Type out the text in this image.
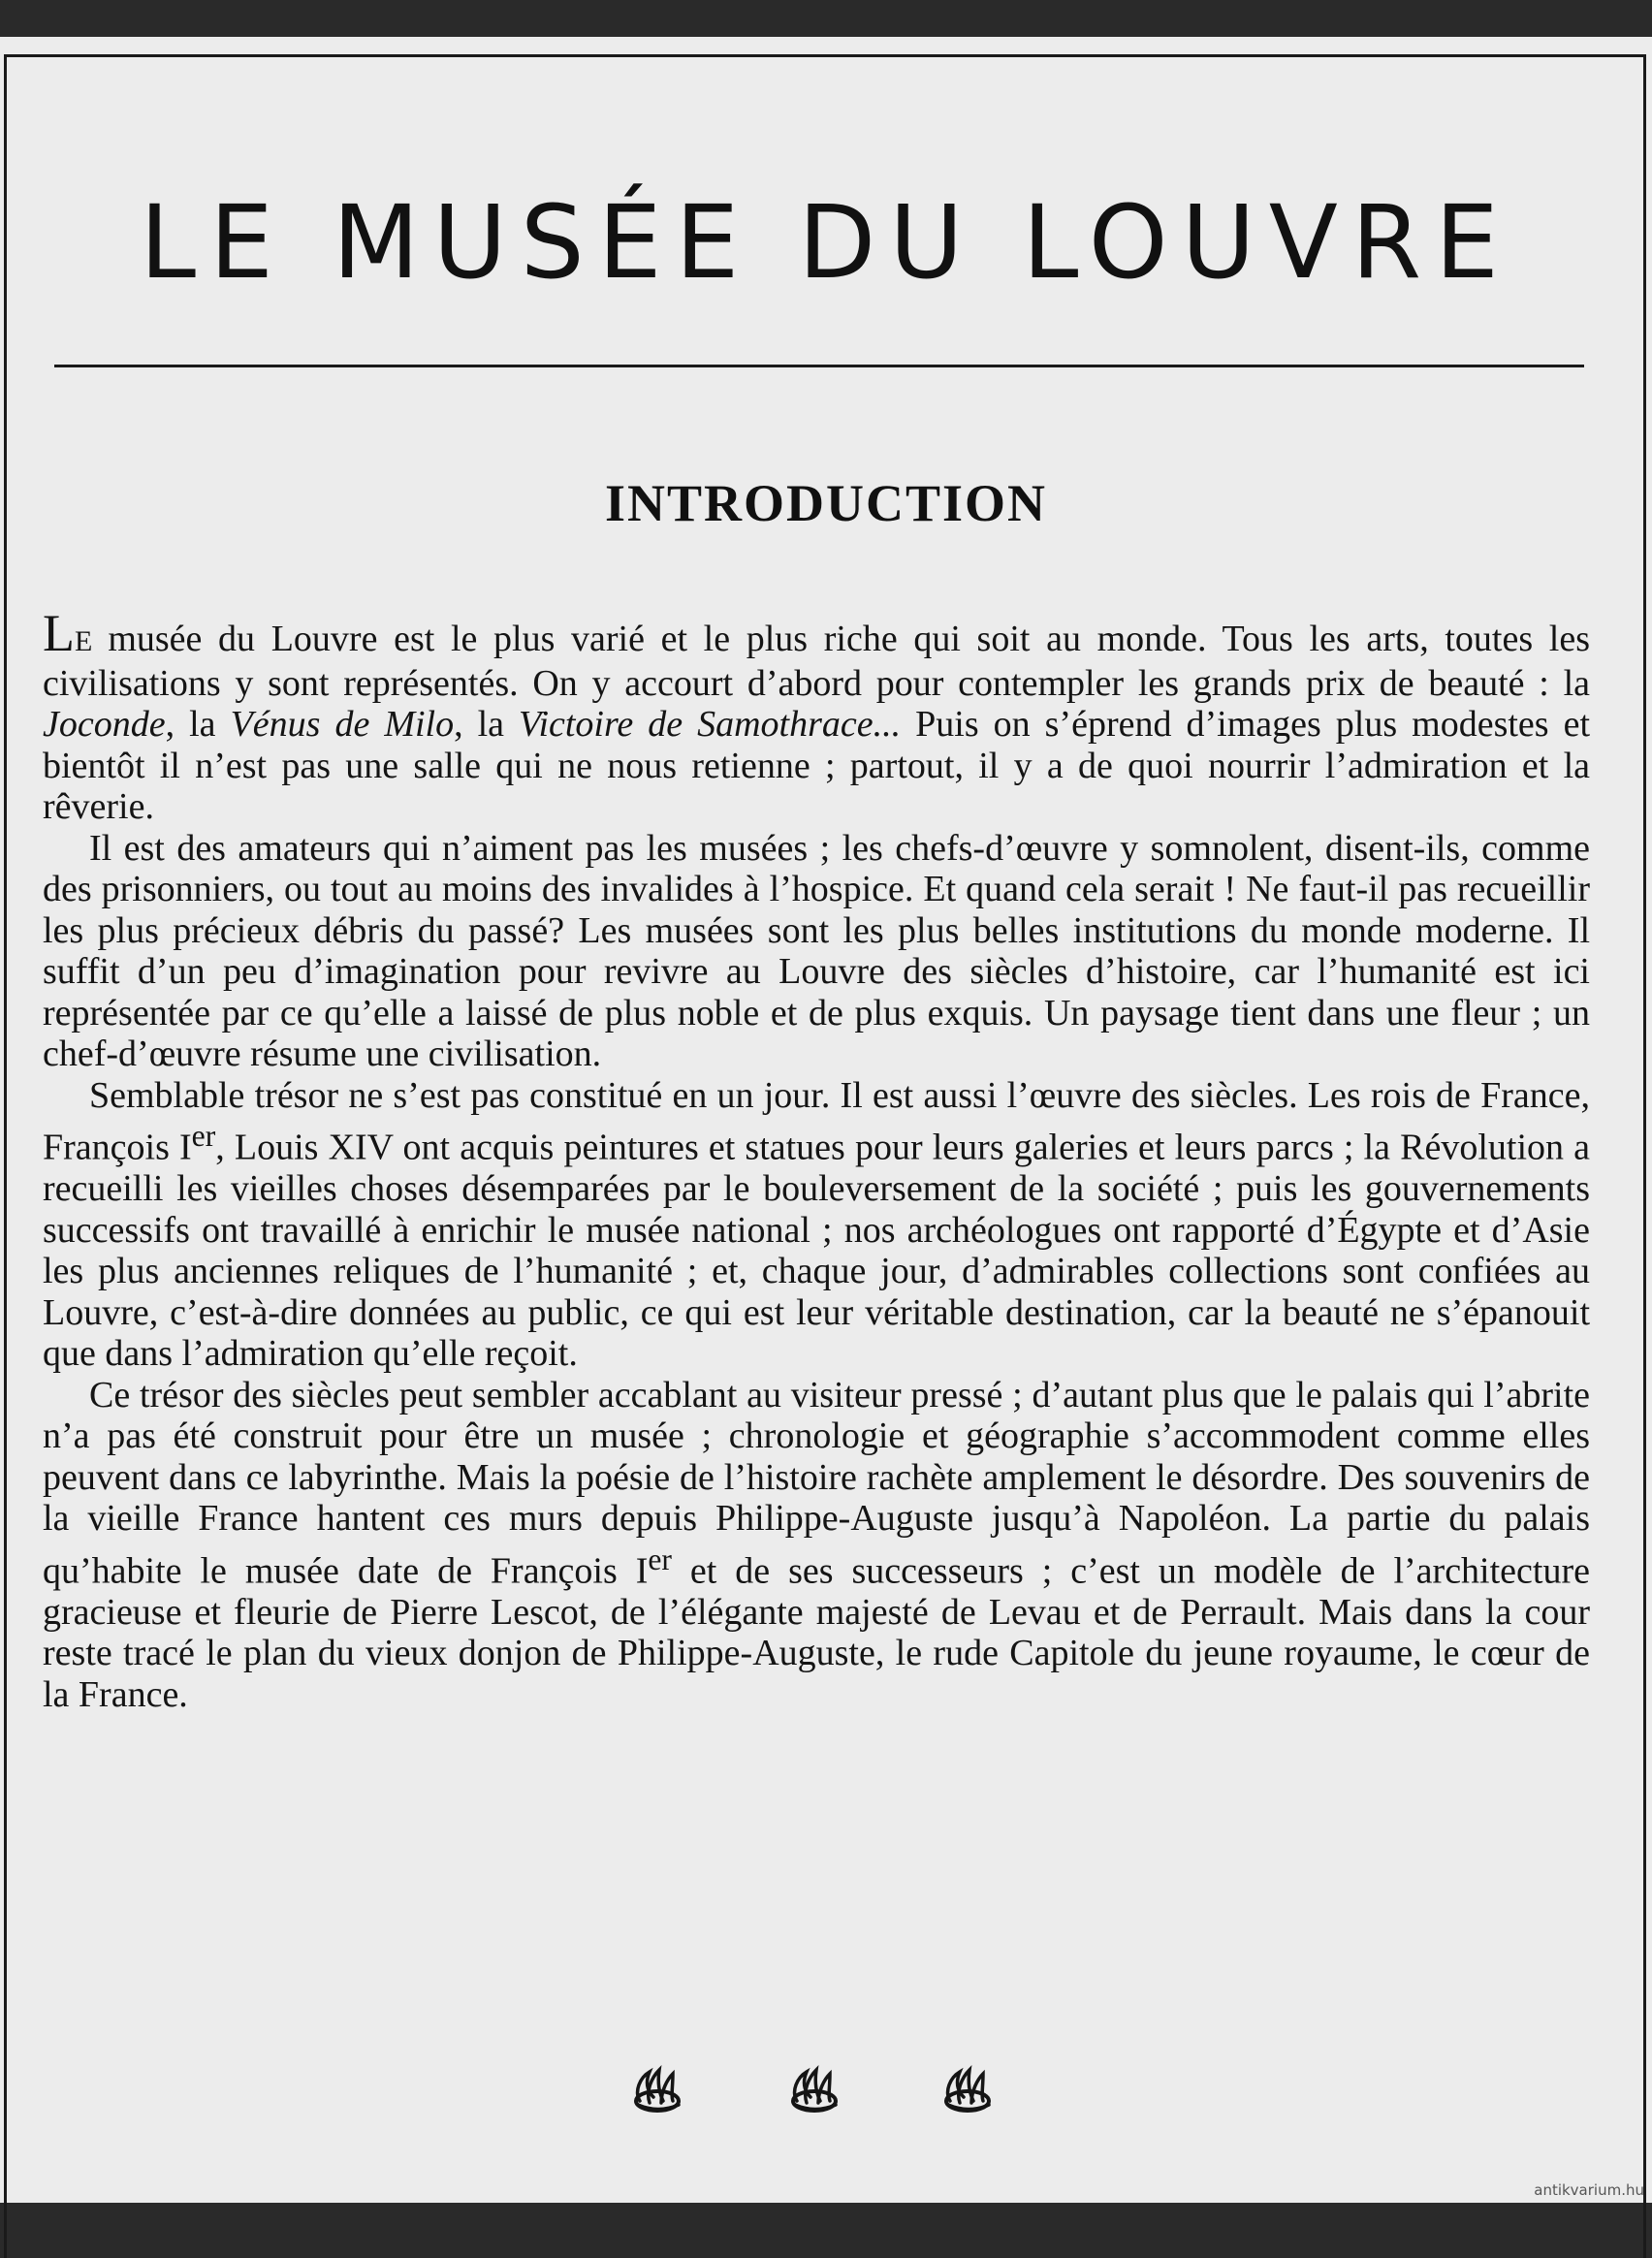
LE MUSÉE DU LOUVRE
INTRODUCTION

LE musée du Louvre est le plus varié et le plus riche qui soit au monde. Tous les arts, toutes les civilisations y sont représentés. On y accourt d’abord pour contempler les grands prix de beauté : la Joconde, la Vénus de Milo, la Victoire de Samothrace... Puis on s’éprend d’images plus modestes et bientôt il n’est pas une salle qui ne nous retienne ; partout, il y a de quoi nourrir l’admiration et la rêverie.

Il est des amateurs qui n’aiment pas les musées ; les chefs-d’œuvre y somnolent, disent-ils, comme des prisonniers, ou tout au moins des invalides à l’hospice. Et quand cela serait ! Ne faut-il pas recueillir les plus précieux débris du passé? Les musées sont les plus belles institutions du monde moderne. Il suffit d’un peu d’imagination pour revivre au Louvre des siècles d’histoire, car l’humanité est ici représentée par ce qu’elle a laissé de plus noble et de plus exquis. Un paysage tient dans une fleur ; un chef-d’œuvre résume une civilisation.

Semblable trésor ne s’est pas constitué en un jour. Il est aussi l’œuvre des siècles. Les rois de France, François Ier, Louis XIV ont acquis peintures et statues pour leurs galeries et leurs parcs ; la Révolution a recueilli les vieilles choses désemparées par le bouleversement de la société ; puis les gouvernements successifs ont travaillé à enrichir le musée national ; nos archéologues ont rapporté d’Égypte et d’Asie les plus anciennes reliques de l’humanité ; et, chaque jour, d’admirables collections sont confiées au Louvre, c’est-à-dire données au public, ce qui est leur véritable destination, car la beauté ne s’épanouit que dans l’admiration qu’elle reçoit.

Ce trésor des siècles peut sembler accablant au visiteur pressé ; d’autant plus que le palais qui l’abrite n’a pas été construit pour être un musée ; chronologie et géographie s’accommodent comme elles peuvent dans ce labyrinthe. Mais la poésie de l’histoire rachète amplement le désordre. Des souvenirs de la vieille France hantent ces murs depuis Philippe-Auguste jusqu’à Napoléon. La partie du palais qu’habite le musée date de François Ier et de ses successeurs ; c’est un modèle de l’architecture gracieuse et fleurie de Pierre Lescot, de l’élégante majesté de Levau et de Perrault. Mais dans la cour reste tracé le plan du vieux donjon de Philippe-Auguste, le rude Capitole du jeune royaume, le cœur de la France.

antikvarium.hu
